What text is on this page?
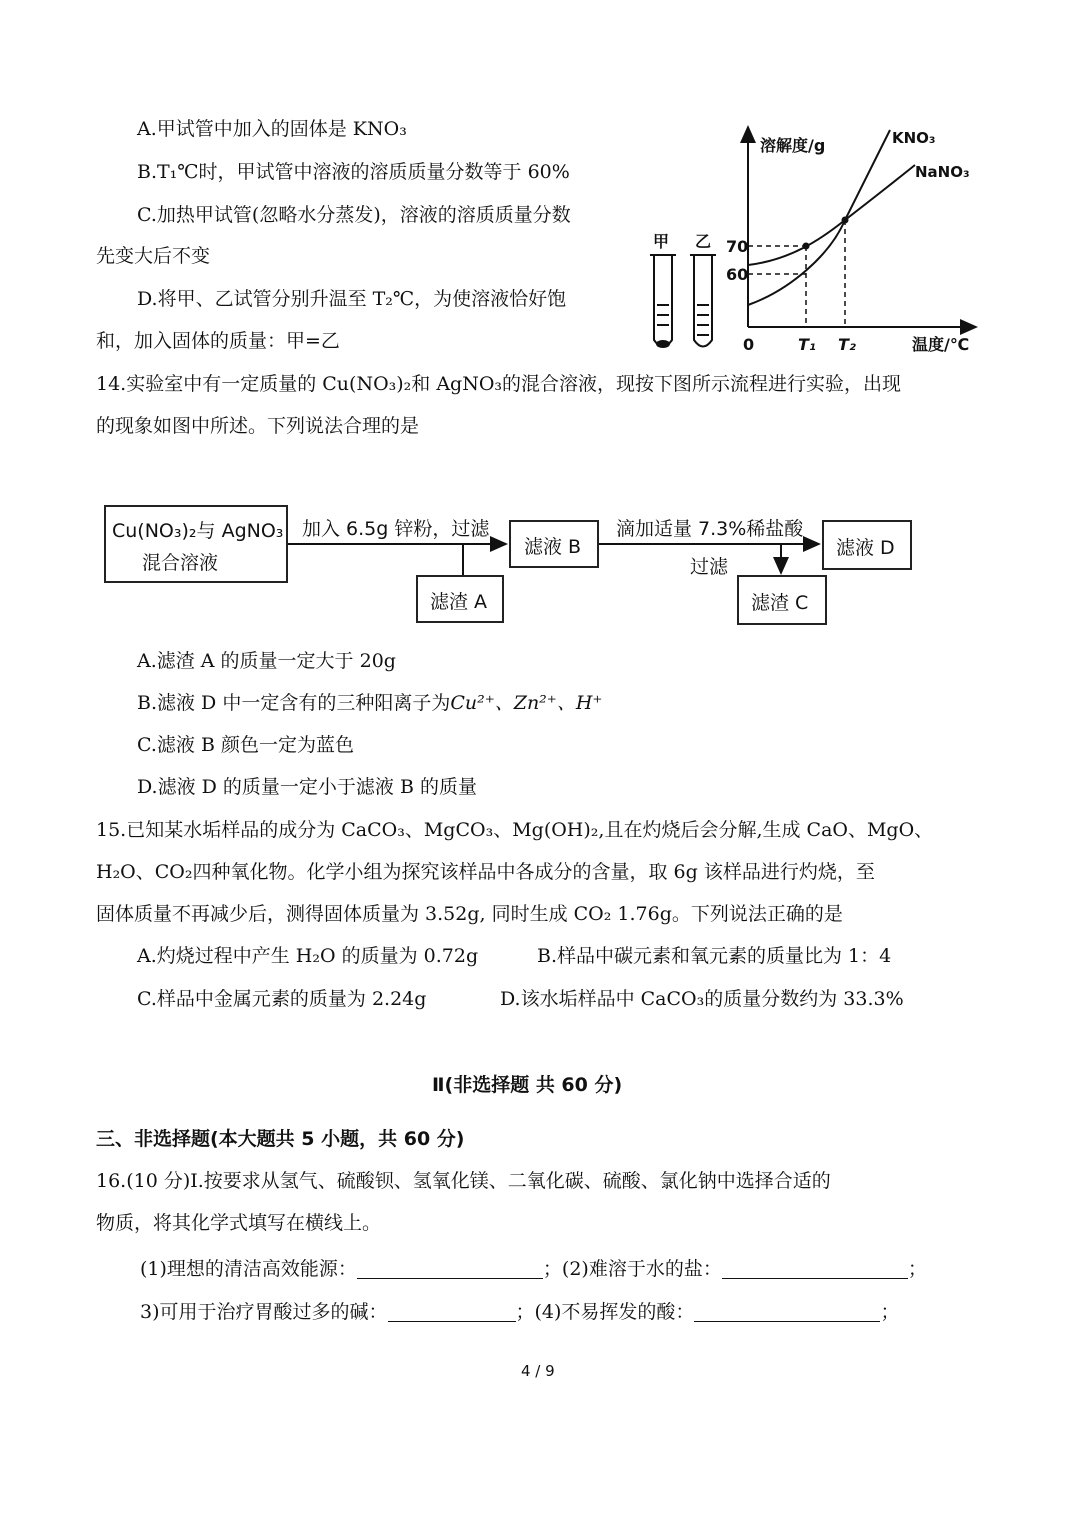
A.甲试管中加入的固体是 KNO₃
B.T₁℃时，甲试管中溶液的溶质质量分数等于 60%
C.加热甲试管(忽略水分蒸发)，溶液的溶质质量分数
先变大后不变
D.将甲、乙试管分别升温至 T₂℃，为使溶液恰好饱
和，加入固体的质量：甲=乙
溶解度/g
温度/℃
0
70
60
T₁ T₂
KNO₃
NaNO₃
甲 乙
14.实验室中有一定质量的 Cu(NO₃)₂和 AgNO₃的混合溶液，现按下图所示流程进行实验，出现
的现象如图中所述。下列说法合理的是
Cu(NO₃)₂与 AgNO₃
混合溶液
加入 6.5g 锌粉，过滤
滤液 B
滴加适量 7.3%稀盐酸
过滤
滤液 D
滤渣 A	滤渣 C
A.滤渣 A 的质量一定大于 20g
B.滤液 D 中一定含有的三种阳离子为Cu²⁺、Zn²⁺、H⁺
C.滤液 B 颜色一定为蓝色
D.滤液 D 的质量一定小于滤液 B 的质量
15.已知某水垢样品的成分为 CaCO₃、MgCO₃、Mg(OH)₂,且在灼烧后会分解,生成 CaO、MgO、
H₂O、CO₂四种氧化物。化学小组为探究该样品中各成分的含量，取 6g 该样品进行灼烧，至
固体质量不再减少后，测得固体质量为 3.52g, 同时生成 CO₂ 1.76g。下列说法正确的是
A.灼烧过程中产生 H₂O 的质量为 0.72g	B.样品中碳元素和氧元素的质量比为 1：4
C.样品中金属元素的质量为 2.24g	D.该水垢样品中 CaCO₃的质量分数约为 33.3%
Ⅱ(非选择题 共 60 分)
三、非选择题(本大题共 5 小题，共 60 分)
16.(10 分)I.按要求从氢气、硫酸钡、氢氧化镁、二氧化碳、硫酸、氯化钠中选择合适的
物质，将其化学式填写在横线上。
(1)理想的清洁高效能源：	；(2)难溶于水的盐：	；
3)可用于治疗胃酸过多的碱：	；(4)不易挥发的酸：	；
4 / 9
